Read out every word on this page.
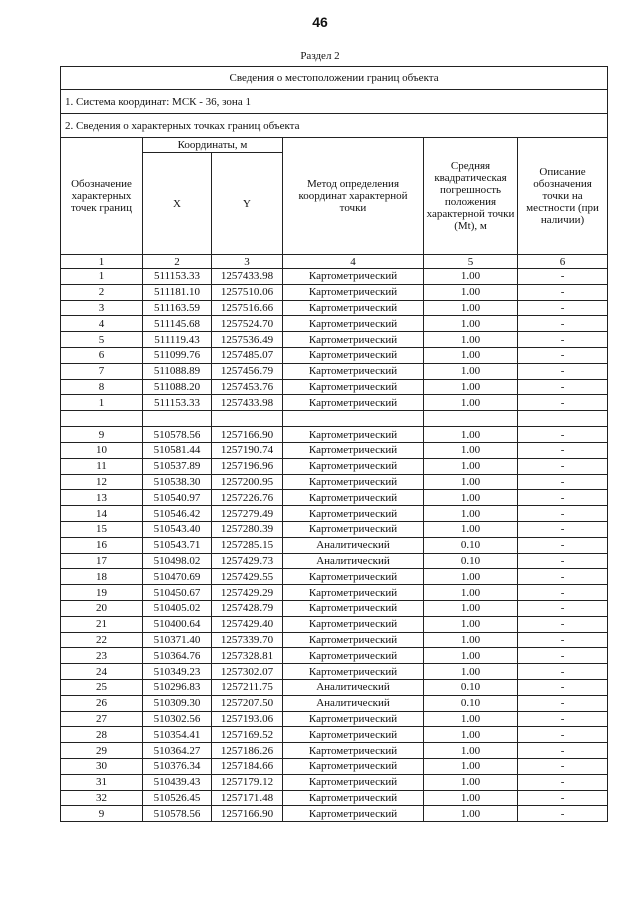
46
Раздел 2
Сведения о местоположении границ объекта					
1. Система координат: МСК - 36, зона 1					
2. Сведения о характерных точках границ объекта					
Обозначение характерных точек границ	Координаты, м		Метод определения координат характерной точки	Средняя квадратическая погрешность положения характерной точки (Mt), м	Описание обозначения точки на местности (при наличии)
	X	Y			
1	2	3	4	5	6
1	511153.33	1257433.98	Картометрический	1.00	-
2	511181.10	1257510.06	Картометрический	1.00	-
3	511163.59	1257516.66	Картометрический	1.00	-
4	511145.68	1257524.70	Картометрический	1.00	-
5	511119.43	1257536.49	Картометрический	1.00	-
6	511099.76	1257485.07	Картометрический	1.00	-
7	511088.89	1257456.79	Картометрический	1.00	-
8	511088.20	1257453.76	Картометрический	1.00	-
1	511153.33	1257433.98	Картометрический	1.00	-

9	510578.56	1257166.90	Картометрический	1.00	-
10	510581.44	1257190.74	Картометрический	1.00	-
11	510537.89	1257196.96	Картометрический	1.00	-
12	510538.30	1257200.95	Картометрический	1.00	-
13	510540.97	1257226.76	Картометрический	1.00	-
14	510546.42	1257279.49	Картометрический	1.00	-
15	510543.40	1257280.39	Картометрический	1.00	-
16	510543.71	1257285.15	Аналитический	0.10	-
17	510498.02	1257429.73	Аналитический	0.10	-
18	510470.69	1257429.55	Картометрический	1.00	-
19	510450.67	1257429.29	Картометрический	1.00	-
20	510405.02	1257428.79	Картометрический	1.00	-
21	510400.64	1257429.40	Картометрический	1.00	-
22	510371.40	1257339.70	Картометрический	1.00	-
23	510364.76	1257328.81	Картометрический	1.00	-
24	510349.23	1257302.07	Картометрический	1.00	-
25	510296.83	1257211.75	Аналитический	0.10	-
26	510309.30	1257207.50	Аналитический	0.10	-
27	510302.56	1257193.06	Картометрический	1.00	-
28	510354.41	1257169.52	Картометрический	1.00	-
29	510364.27	1257186.26	Картометрический	1.00	-
30	510376.34	1257184.66	Картометрический	1.00	-
31	510439.43	1257179.12	Картометрический	1.00	-
32	510526.45	1257171.48	Картометрический	1.00	-
9	510578.56	1257166.90	Картометрический	1.00	-
